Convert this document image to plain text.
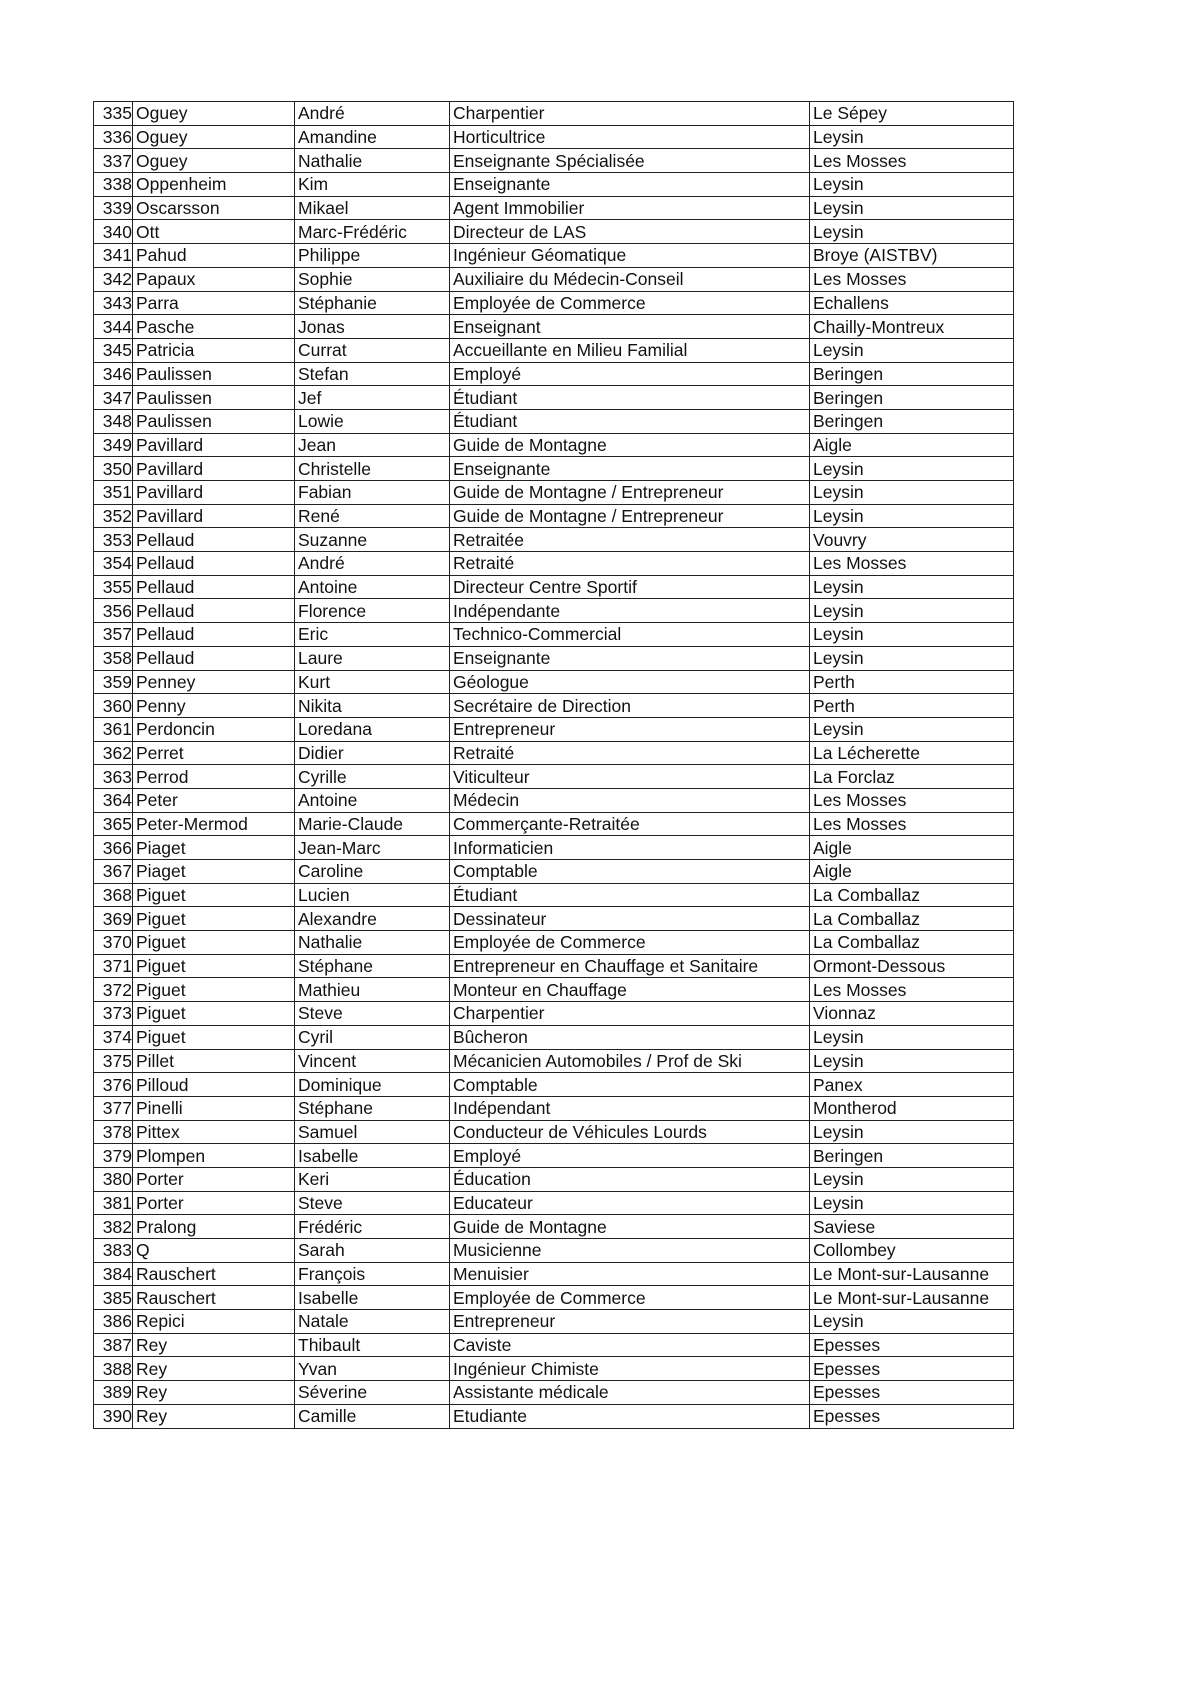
335	Oguey	André	Charpentier	Le Sépey
336	Oguey	Amandine	Horticultrice	Leysin
337	Oguey	Nathalie	Enseignante Spécialisée	Les Mosses
338	Oppenheim	Kim	Enseignante	Leysin
339	Oscarsson	Mikael	Agent Immobilier	Leysin
340	Ott	Marc-Frédéric	Directeur de LAS	Leysin
341	Pahud	Philippe	Ingénieur Géomatique	Broye (AISTBV)
342	Papaux	Sophie	Auxiliaire du Médecin-Conseil	Les Mosses
343	Parra	Stéphanie	Employée de Commerce	Echallens
344	Pasche	Jonas	Enseignant	Chailly-Montreux
345	Patricia	Currat	Accueillante en Milieu Familial	Leysin
346	Paulissen	Stefan	Employé	Beringen
347	Paulissen	Jef	Étudiant	Beringen
348	Paulissen	Lowie	Étudiant	Beringen
349	Pavillard	Jean	Guide de Montagne	Aigle
350	Pavillard	Christelle	Enseignante	Leysin
351	Pavillard	Fabian	Guide de Montagne / Entrepreneur	Leysin
352	Pavillard	René	Guide de Montagne / Entrepreneur	Leysin
353	Pellaud	Suzanne	Retraitée	Vouvry
354	Pellaud	André	Retraité	Les Mosses
355	Pellaud	Antoine	Directeur Centre Sportif	Leysin
356	Pellaud	Florence	Indépendante	Leysin
357	Pellaud	Eric	Technico-Commercial	Leysin
358	Pellaud	Laure	Enseignante	Leysin
359	Penney	Kurt	Géologue	Perth
360	Penny	Nikita	Secrétaire de Direction	Perth
361	Perdoncin	Loredana	Entrepreneur	Leysin
362	Perret	Didier	Retraité	La Lécherette
363	Perrod	Cyrille	Viticulteur	La Forclaz
364	Peter	Antoine	Médecin	Les Mosses
365	Peter-Mermod	Marie-Claude	Commerçante-Retraitée	Les Mosses
366	Piaget	Jean-Marc	Informaticien	Aigle
367	Piaget	Caroline	Comptable	Aigle
368	Piguet	Lucien	Étudiant	La Comballaz
369	Piguet	Alexandre	Dessinateur	La Comballaz
370	Piguet	Nathalie	Employée de Commerce	La Comballaz
371	Piguet	Stéphane	Entrepreneur en Chauffage et Sanitaire	Ormont-Dessous
372	Piguet	Mathieu	Monteur en Chauffage	Les Mosses
373	Piguet	Steve	Charpentier	Vionnaz
374	Piguet	Cyril	Bûcheron	Leysin
375	Pillet	Vincent	Mécanicien Automobiles / Prof de Ski	Leysin
376	Pilloud	Dominique	Comptable	Panex
377	Pinelli	Stéphane	Indépendant	Montherod
378	Pittex	Samuel	Conducteur de Véhicules Lourds	Leysin
379	Plompen	Isabelle	Employé	Beringen
380	Porter	Keri	Éducation	Leysin
381	Porter	Steve	Educateur	Leysin
382	Pralong	Frédéric	Guide de Montagne	Saviese
383	Q	Sarah	Musicienne	Collombey
384	Rauschert	François	Menuisier	Le Mont-sur-Lausanne
385	Rauschert	Isabelle	Employée de Commerce	Le Mont-sur-Lausanne
386	Repici	Natale	Entrepreneur	Leysin
387	Rey	Thibault	Caviste	Epesses
388	Rey	Yvan	Ingénieur Chimiste	Epesses
389	Rey	Séverine	Assistante médicale	Epesses
390	Rey	Camille	Etudiante	Epesses
